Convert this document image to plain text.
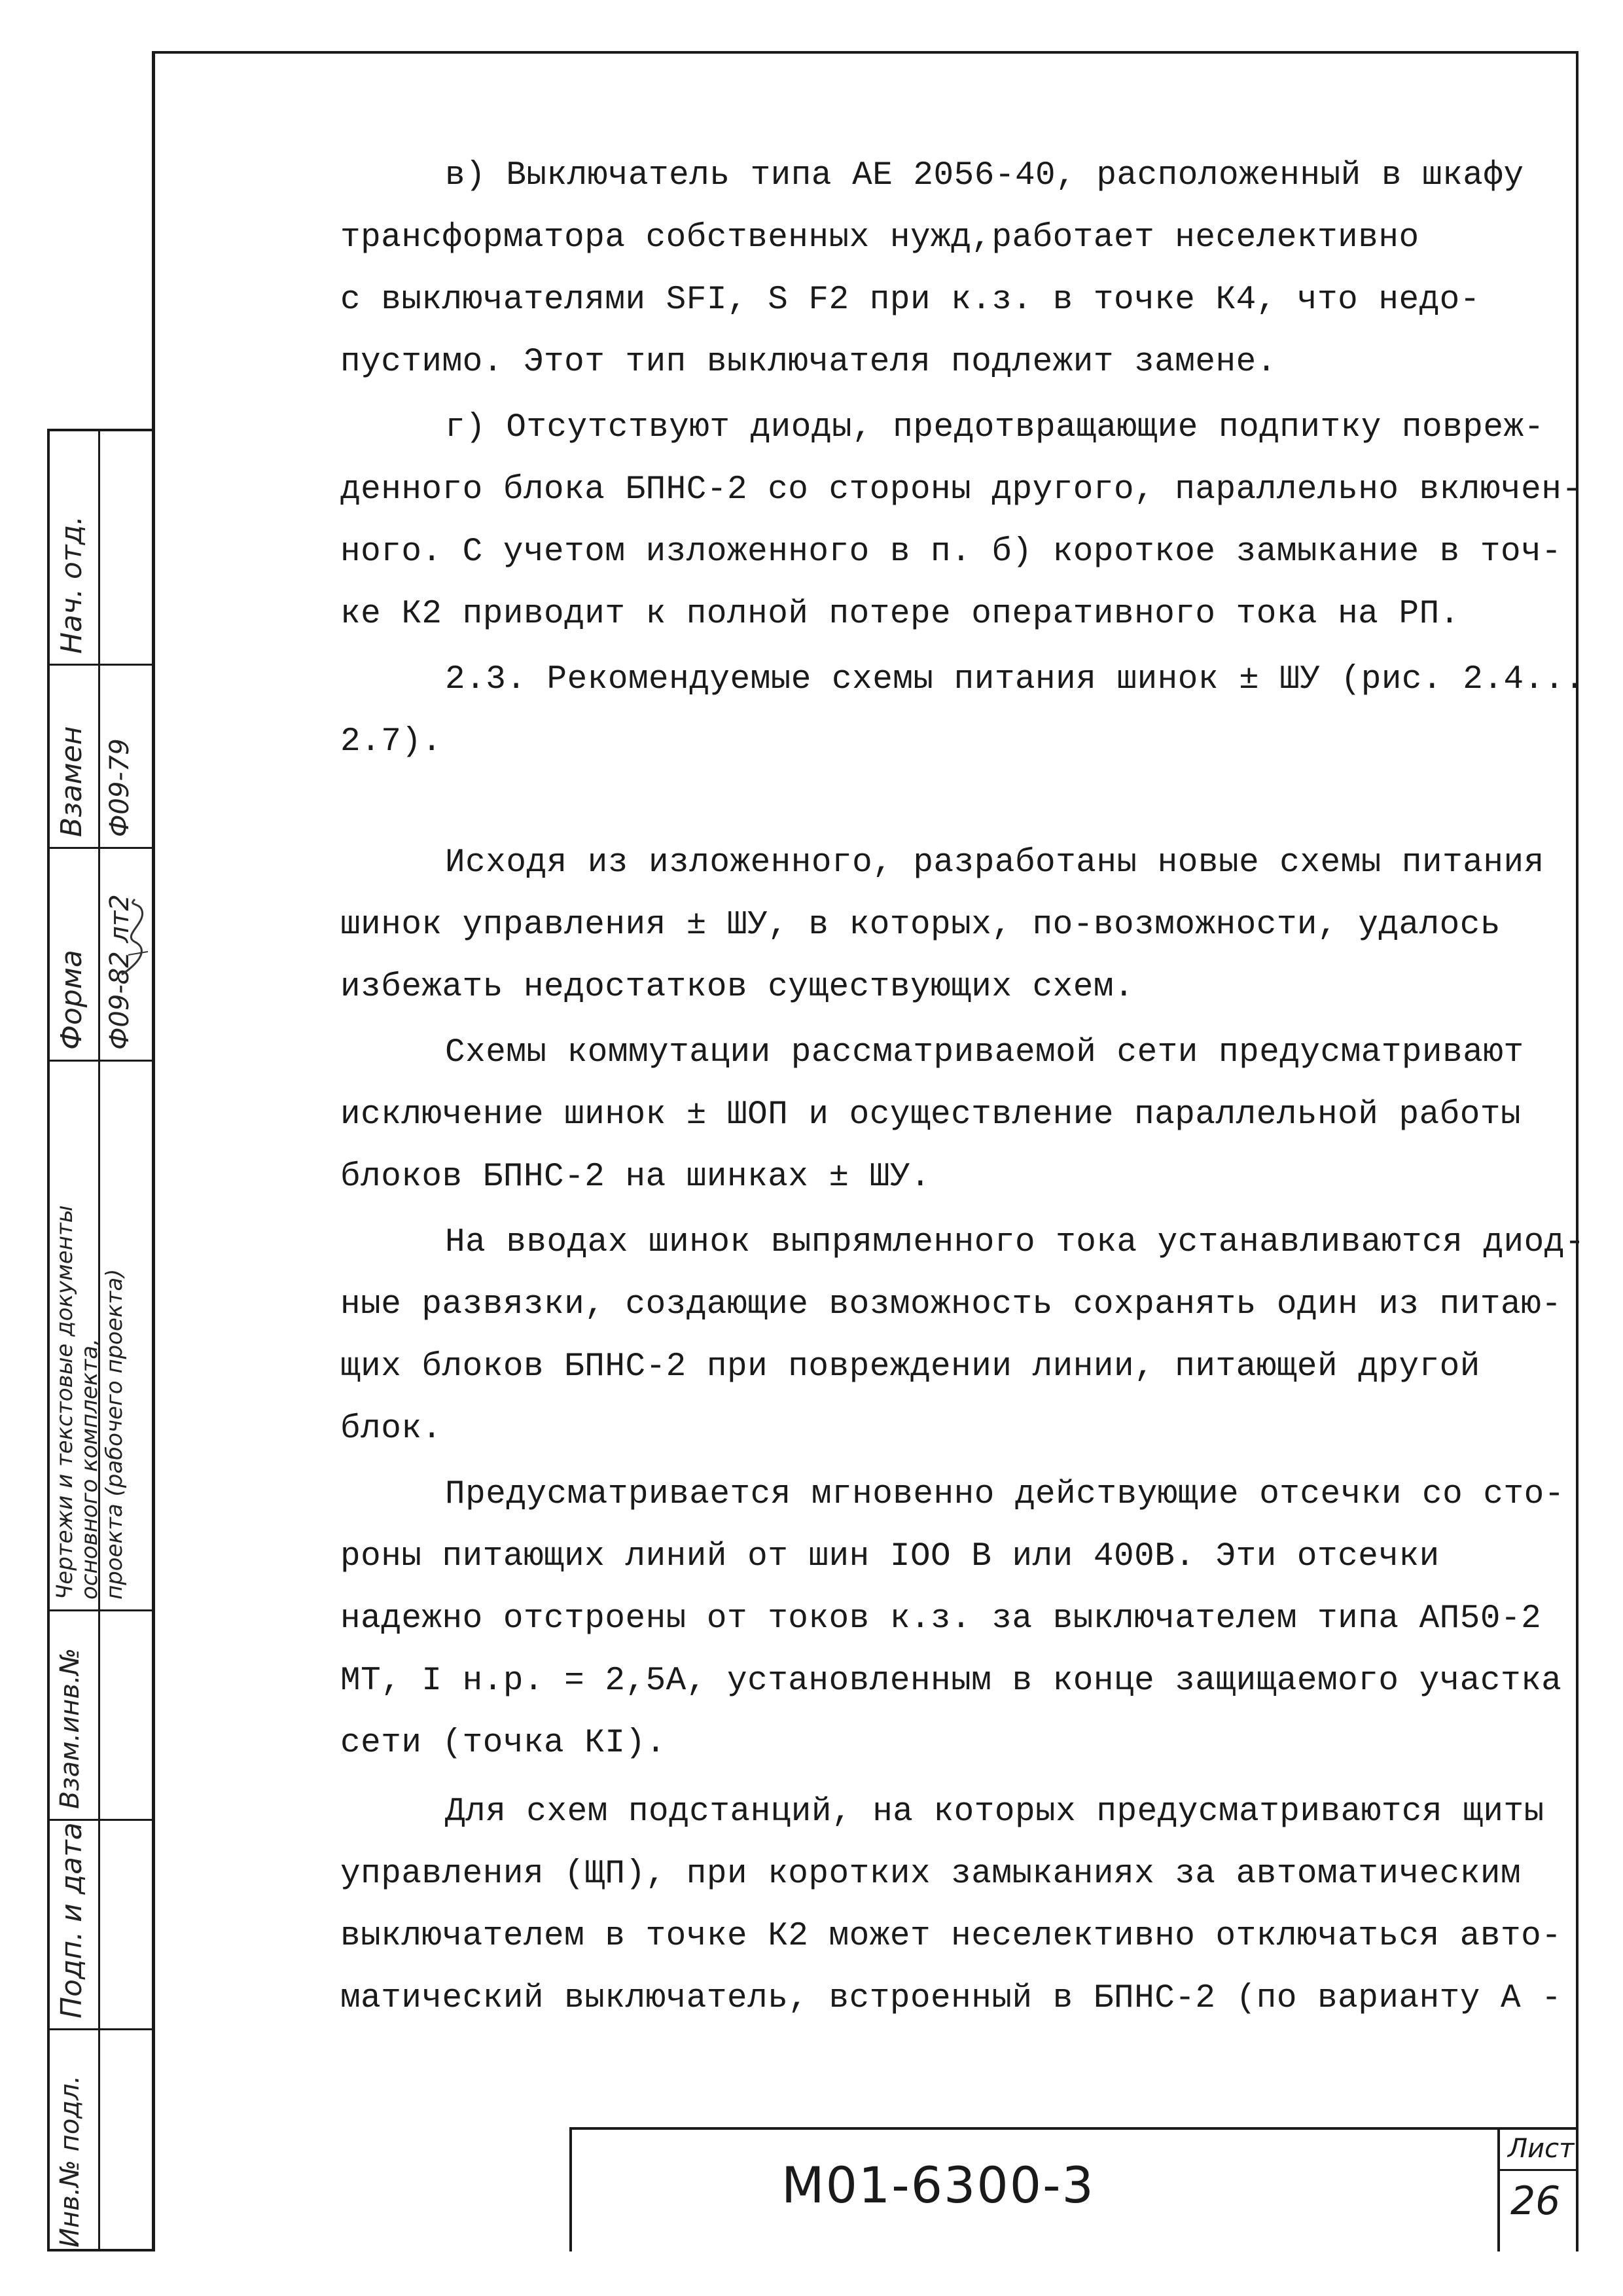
Нач. отд.
Взамен Ф09-79
Форма Ф09-82 лт2
Чертежи и текстовые документы
основного комплекта,
проекта (рабочего проекта)
Взам.инв.№
Подп. и дата
Инв.№ подл.
в) Выключатель типа АЕ 2056-40, расположенный в шкафу
трансформатора собственных нужд,работает неселективно
с выключателями SFI, S F2 при к.з. в точке К4, что недо-
пустимо. Этот тип выключателя подлежит замене.
г) Отсутствуют диоды, предотвращающие подпитку повреж-
денного блока БПНС-2 со стороны другого, параллельно включен-
ного. С учетом изложенного в п. б) короткое замыкание в точ-
ке К2 приводит к полной потере оперативного тока на РП.
2.3. Рекомендуемые схемы питания шинок ± ШУ (рис. 2.4...
2.7).
Исходя из изложенного, разработаны новые схемы питания
шинок управления ± ШУ, в которых, по-возможности, удалось
избежать недостатков существующих схем.
Схемы коммутации рассматриваемой сети предусматривают
исключение шинок ± ШОП и осуществление параллельной работы
блоков БПНС-2 на шинках ± ШУ.
На вводах шинок выпрямленного тока устанавливаются диод-
ные развязки, создающие возможность сохранять один из питаю-
щих блоков БПНС-2 при повреждении линии, питающей другой
блок.
Предусматривается мгновенно действующие отсечки со сто-
роны питающих линий от шин IОО В или 400В. Эти отсечки
надежно отстроены от токов к.з. за выключателем типа АП50-2
МТ, I н.р. = 2,5А, установленным в конце защищаемого участка
сети (точка КI).
Для схем подстанций, на которых предусматриваются щиты
управления (ЩП), при коротких замыканиях за автоматическим
выключателем в точке К2 может неселективно отключаться авто-
матический выключатель, встроенный в БПНС-2 (по варианту А -
М01-6300-3
Лист
26
